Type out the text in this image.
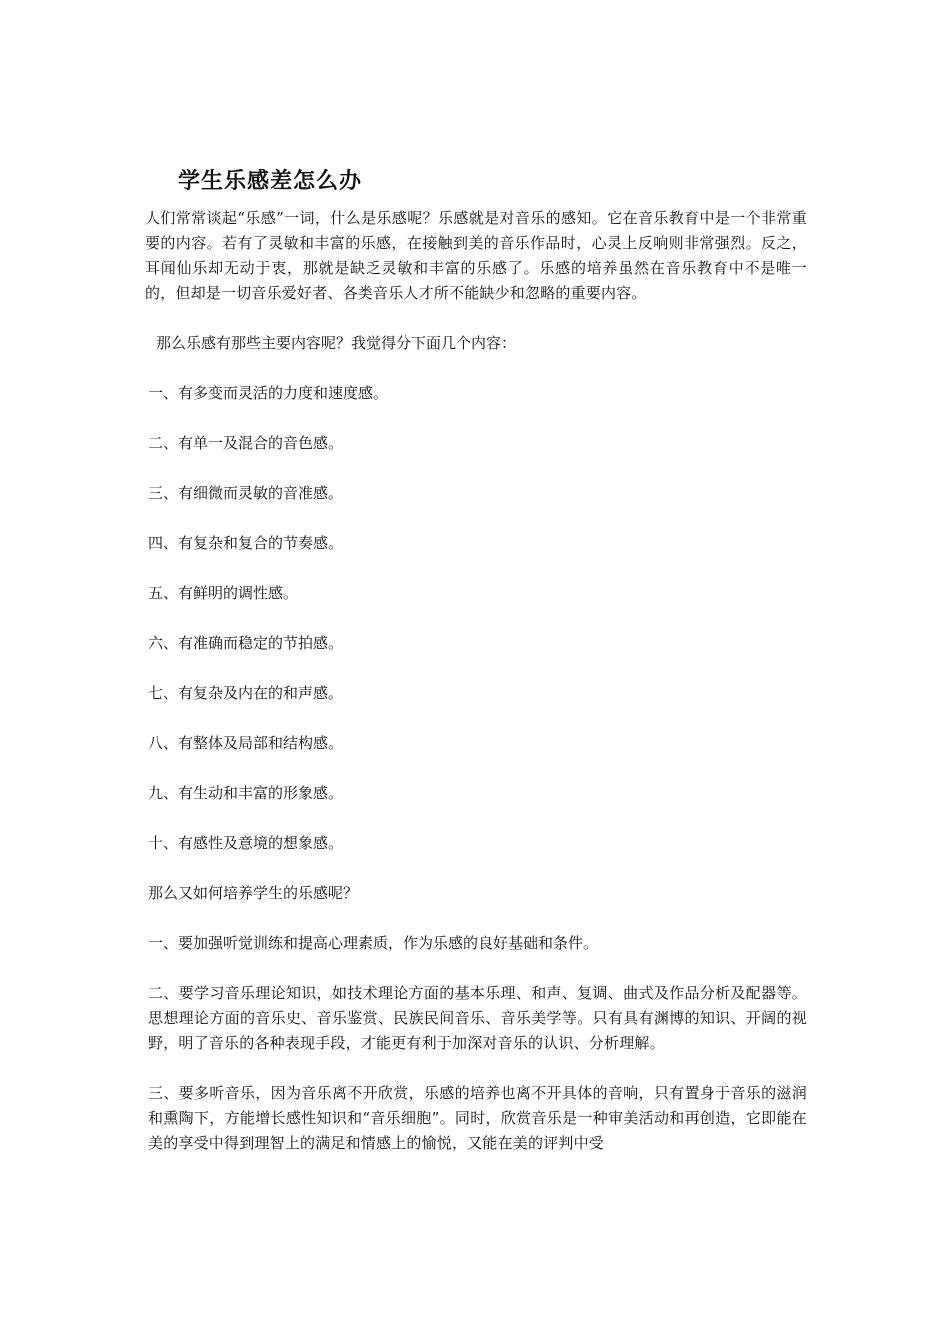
学生乐感差怎么办

人们常常谈起“乐感”一词，什么是乐感呢？乐感就是对音乐的感知。它在音乐教育中是一个非常重要的内容。若有了灵敏和丰富的乐感，在接触到美的音乐作品时，心灵上反响则非常强烈。反之，耳闻仙乐却无动于衷，那就是缺乏灵敏和丰富的乐感了。乐感的培养虽然在音乐教育中不是唯一的，但却是一切音乐爱好者、各类音乐人才所不能缺少和忽略的重要内容。

那么乐感有那些主要内容呢？我觉得分下面几个内容：

一、有多变而灵活的力度和速度感。

二、有单一及混合的音色感。

三、有细微而灵敏的音准感。

四、有复杂和复合的节奏感。

五、有鲜明的调性感。

六、有准确而稳定的节拍感。

七、有复杂及内在的和声感。

八、有整体及局部和结构感。

九、有生动和丰富的形象感。

十、有感性及意境的想象感。

那么又如何培养学生的乐感呢？

一、要加强听觉训练和提高心理素质，作为乐感的良好基础和条件。

二、要学习音乐理论知识，如技术理论方面的基本乐理、和声、复调、曲式及作品分析及配器等。思想理论方面的音乐史、音乐鉴赏、民族民间音乐、音乐美学等。只有具有渊博的知识、开阔的视野，明了音乐的各种表现手段，才能更有利于加深对音乐的认识、分析理解。

三、要多听音乐，因为音乐离不开欣赏，乐感的培养也离不开具体的音响，只有置身于音乐的滋润和熏陶下，方能增长感性知识和“音乐细胞”。同时，欣赏音乐是一种审美活动和再创造，它即能在美的享受中得到理智上的满足和情感上的愉悦，又能在美的评判中受
